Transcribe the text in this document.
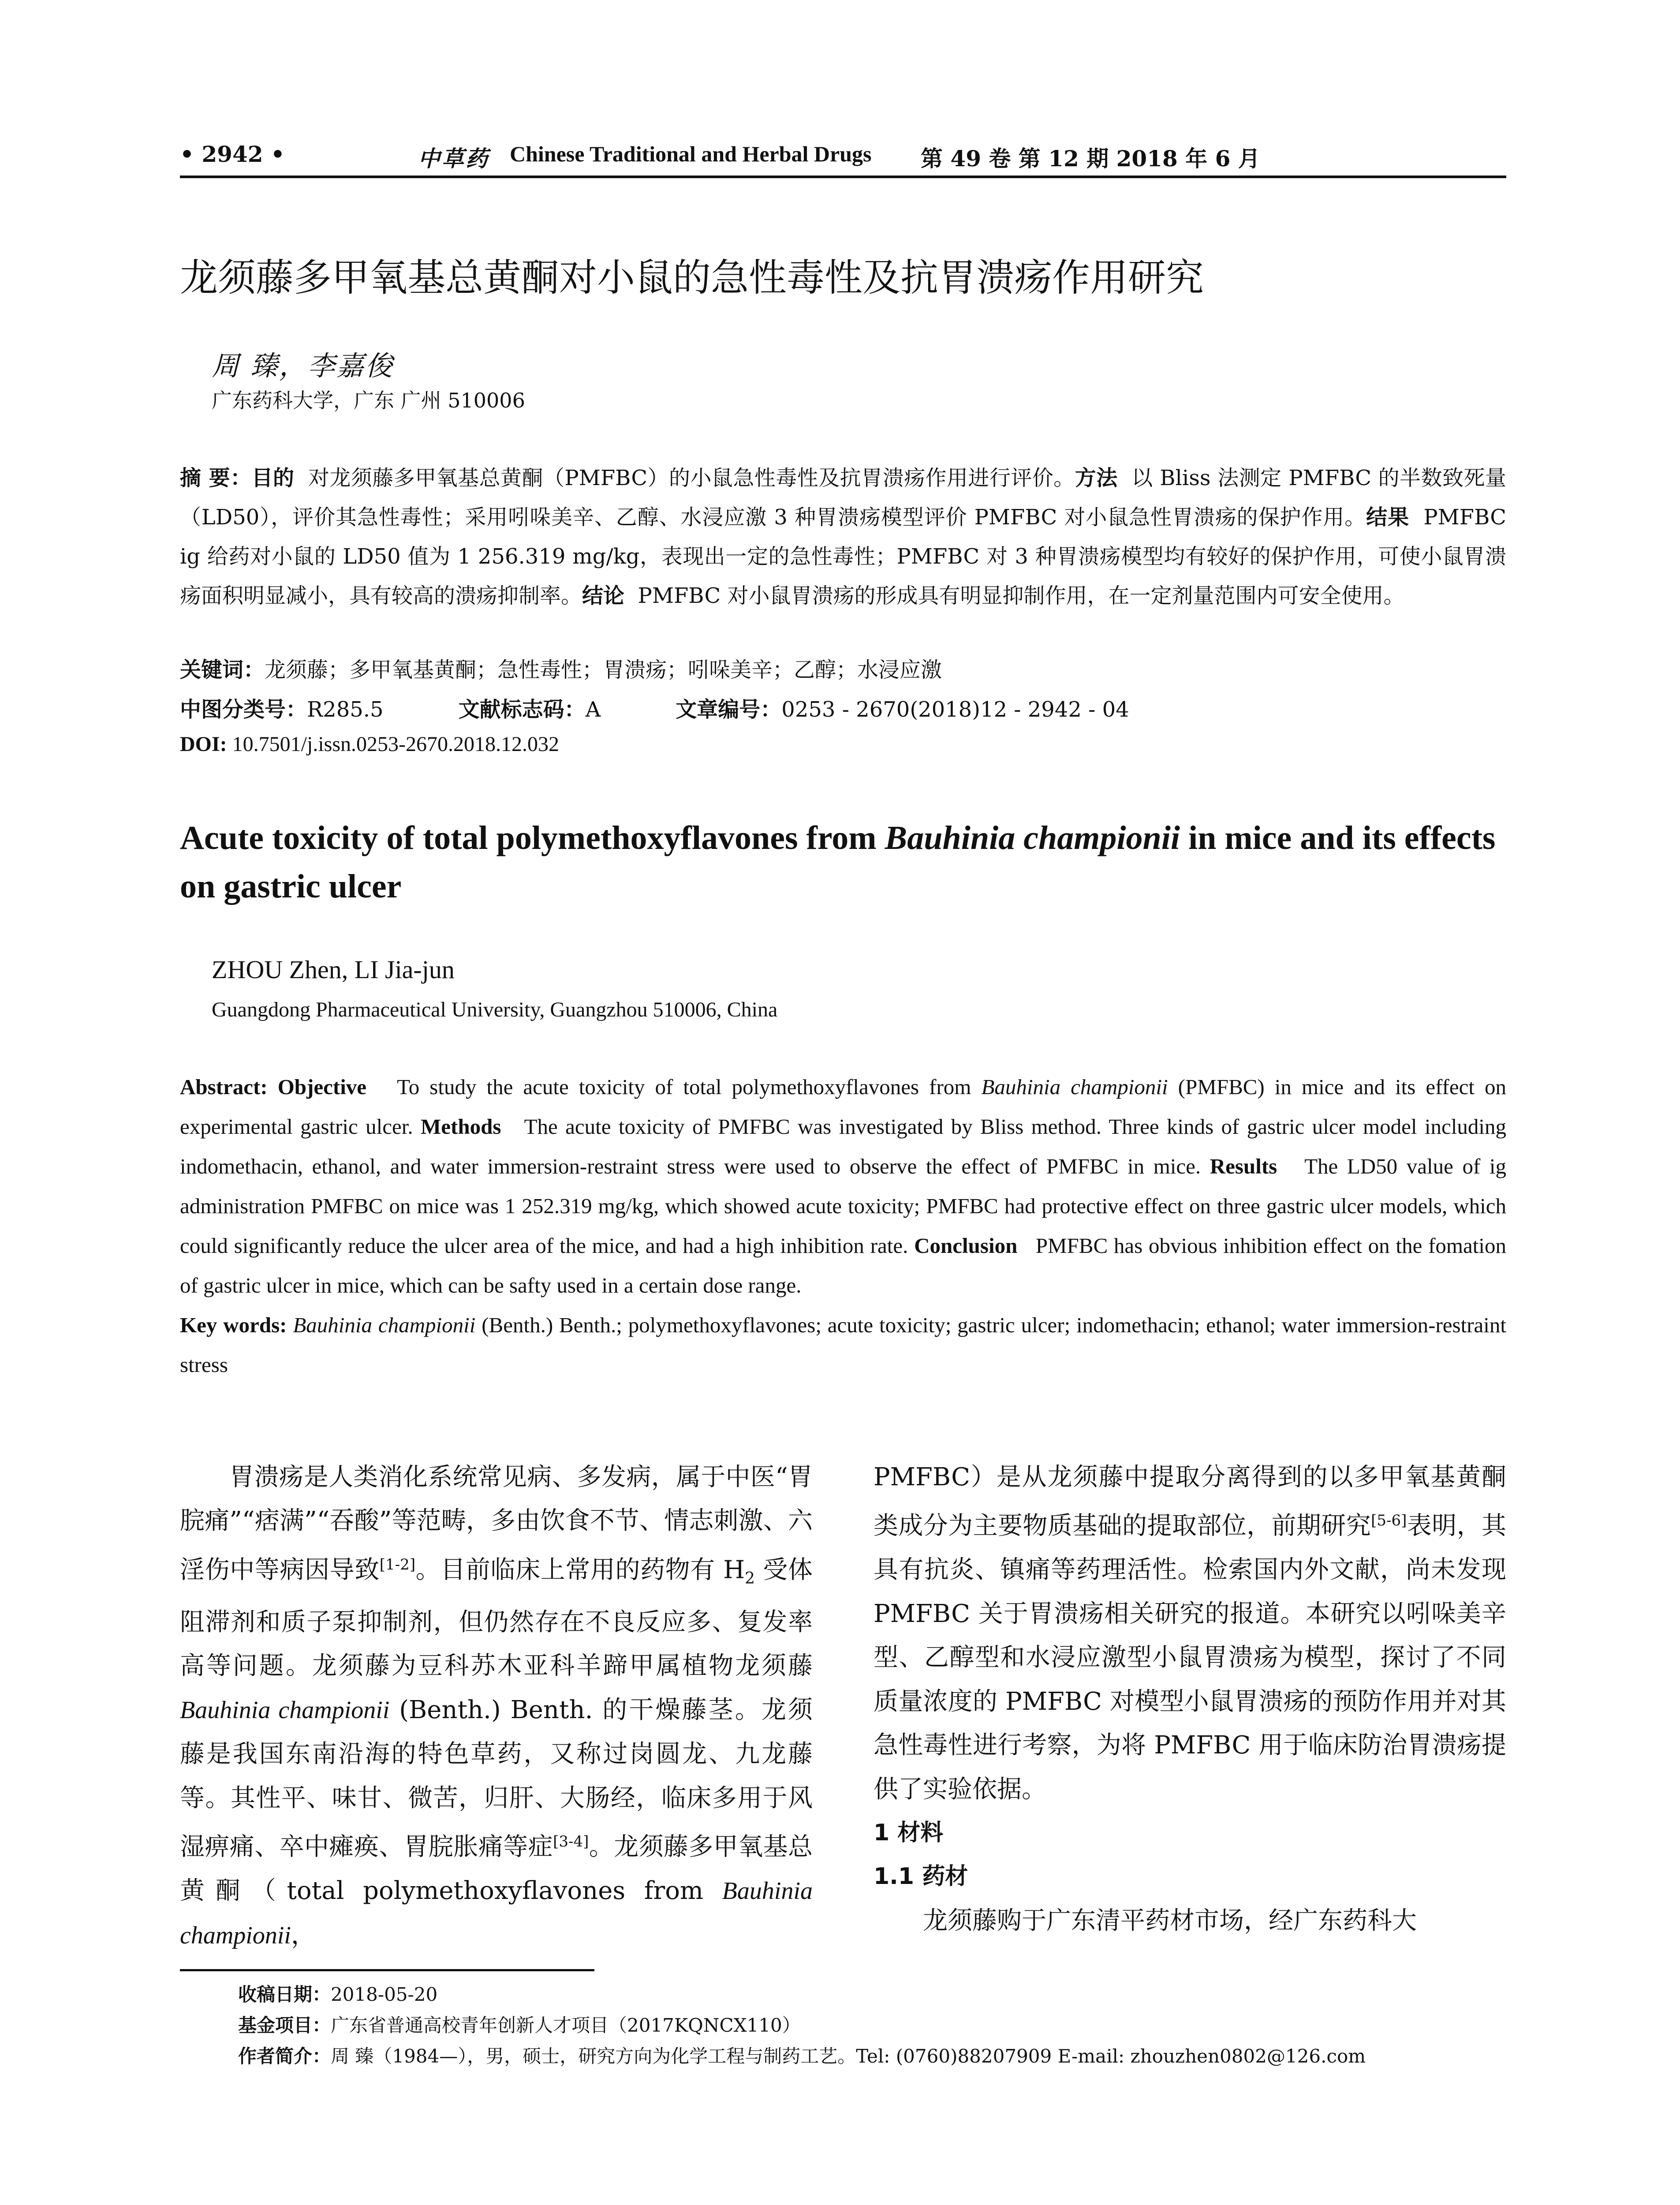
• 2942 •	中草药 Chinese Traditional and Herbal Drugs 第 49 卷 第 12 期 2018 年 6 月
龙须藤多甲氧基总黄酮对小鼠的急性毒性及抗胃溃疡作用研究
周 臻，李嘉俊
广东药科大学，广东 广州 510006
摘 要：目的 对龙须藤多甲氧基总黄酮（PMFBC）的小鼠急性毒性及抗胃溃疡作用进行评价。方法 以 Bliss 法测定 PMFBC 的半数致死量（LD50），评价其急性毒性；采用吲哚美辛、乙醇、水浸应激 3 种胃溃疡模型评价 PMFBC 对小鼠急性胃溃疡的保护作用。结果 PMFBC ig 给药对小鼠的 LD50 值为 1 256.319 mg/kg，表现出一定的急性毒性；PMFBC 对 3 种胃溃疡模型均有较好的保护作用，可使小鼠胃溃疡面积明显减小，具有较高的溃疡抑制率。结论 PMFBC 对小鼠胃溃疡的形成具有明显抑制作用，在一定剂量范围内可安全使用。
关键词：龙须藤；多甲氧基黄酮；急性毒性；胃溃疡；吲哚美辛；乙醇；水浸应激
中图分类号：R285.5	文献标志码：A	文章编号：0253 - 2670(2018)12 - 2942 - 04
DOI: 10.7501/j.issn.0253-2670.2018.12.032
Acute toxicity of total polymethoxyflavones from Bauhinia championii in mice and its effects on gastric ulcer
ZHOU Zhen, LI Jia-jun
Guangdong Pharmaceutical University, Guangzhou 510006, China
Abstract: Objective To study the acute toxicity of total polymethoxyflavones from Bauhinia championii (PMFBC) in mice and its effect on experimental gastric ulcer. Methods The acute toxicity of PMFBC was investigated by Bliss method. Three kinds of gastric ulcer model including indomethacin, ethanol, and water immersion-restraint stress were used to observe the effect of PMFBC in mice. Results The LD50 value of ig administration PMFBC on mice was 1 252.319 mg/kg, which showed acute toxicity; PMFBC had protective effect on three gastric ulcer models, which could significantly reduce the ulcer area of the mice, and had a high inhibition rate. Conclusion PMFBC has obvious inhibition effect on the fomation of gastric ulcer in mice, which can be safty used in a certain dose range.
Key words: Bauhinia championii (Benth.) Benth.; polymethoxyflavones; acute toxicity; gastric ulcer; indomethacin; ethanol; water immersion-restraint stress

胃溃疡是人类消化系统常见病、多发病，属于中医“胃脘痛”“痞满”“吞酸”等范畴，多由饮食不节、情志刺激、六淫伤中等病因导致[1-2]。目前临床上常用的药物有 $H_2$ 受体阻滞剂和质子泵抑制剂，但仍然存在不良反应多、复发率高等问题。龙须藤为豆科苏木亚科羊蹄甲属植物龙须藤 Bauhinia championii (Benth.) Benth. 的干燥藤茎。龙须藤是我国东南沿海的特色草药，又称过岗圆龙、九龙藤等。其性平、味甘、微苦，归肝、大肠经，临床多用于风湿痹痛、卒中瘫痪、胃脘胀痛等症[3-4]。龙须藤多甲氧基总黄酮（total polymethoxyflavones from Bauhinia championii，

PMFBC）是从龙须藤中提取分离得到的以多甲氧基黄酮类成分为主要物质基础的提取部位，前期研究[5-6]表明，其具有抗炎、镇痛等药理活性。检索国内外文献，尚未发现 PMFBC 关于胃溃疡相关研究的报道。本研究以吲哚美辛型、乙醇型和水浸应激型小鼠胃溃疡为模型，探讨了不同质量浓度的 PMFBC 对模型小鼠胃溃疡的预防作用并对其急性毒性进行考察，为将 PMFBC 用于临床防治胃溃疡提供了实验依据。

1 材料

1.1 药材

龙须藤购于广东清平药材市场，经广东药科大

收稿日期：2018-05-20
基金项目：广东省普通高校青年创新人才项目（2017KQNCX110）
作者简介：周 臻（1984—），男，硕士，研究方向为化学工程与制药工艺。Tel: (0760)88207909 E-mail: zhouzhen0802@126.com
